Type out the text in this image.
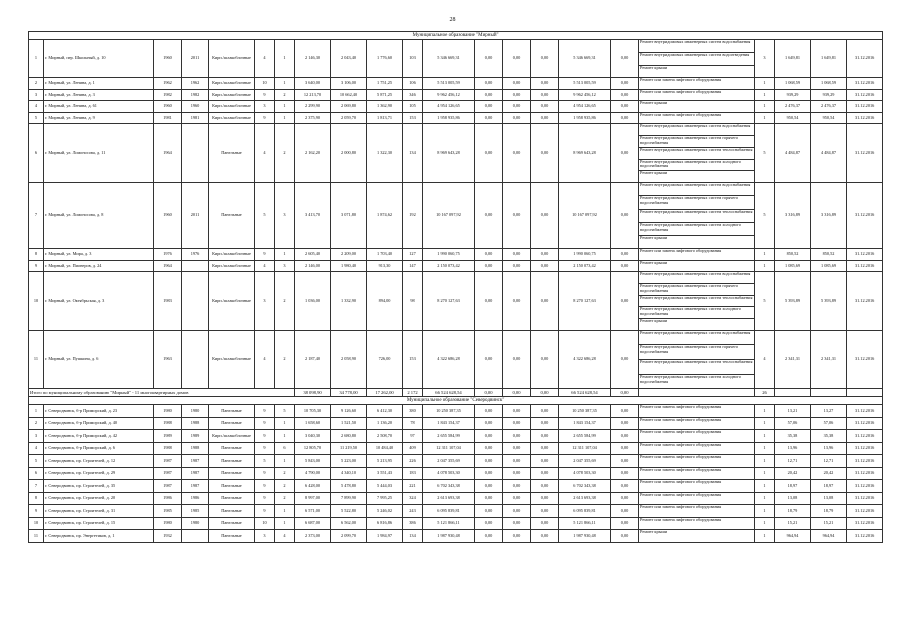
28
Муниципальное образование "Мирный"																					
1	г. Мирный, пер. Школьный, д. 10	1960	2011	Кирп./шлакоблочные	4	1	2 146,30	2 043,40	1 776,60	103	5 346 669,31	0,00	0,00	0,00	5 346 669,31	0,00	Ремонт внутридомовых инженерных систем водоснабжения
Ремонт внутридомовых инженерных систем водоотведения
Ремонт крыши	3	1 649,81	1 649,81	31.12.2016
2	г. Мирный, ул. Ленина, д. 1	1962	1962	Кирп./шлакоблочные	10	1	3 640,00	3 106,00	1 751,25	106	5 513 005,59	0,00	0,00	0,00	5 513 005,59	0,00	Ремонт или замена лифтового оборудования	1	1 068,59	1 068,59	31.12.2016
3	г. Мирный, ул. Ленина, д. 3	1982	1982	Кирп./шлакоблочные	9	2	12 213,70	10 662,40	5 871,25	346	9 962 456,12	0,00	0,00	0,00	9 962 456,12	0,00	Ремонт или замена лифтового оборудования	1	939,29	939,29	31.12.2016
4	г. Мирный, ул. Ленина, д. 61	1960	1960	Кирп./шлакоблочные	3	1	2 299,90	2 069,80	1 362,90	105	4 954 126,65	0,00	0,00	0,00	4 954 126,65	0,00	Ремонт крыши	1	2 476,37	2 476,37	31.12.2016
5	г. Мирный, ул. Ленина, д. 9	1981	1981	Кирп./шлакоблочные	9	1	2 375,90	2 059,70	1 813,71	153	1 958 935,86	0,00	0,00	0,00	1 958 935,86	0,00	Ремонт или замена лифтового оборудования	1	950,54	950,54	31.12.2016
6	г. Мирный, ул. Ломоносова, д. 11	1964		Панельные	4	2	2 162,20	2 000,80	1 322,30	134	8 969 643,28	0,00	0,00	0,00	8 969 643,28	0,00	Ремонт внутридомовых инженерных систем водоснабжения
Ремонт внутридомовых инженерных систем горячего водоснабжения
Ремонт внутридомовых инженерных систем теплоснабжения
Ремонт внутридомовых инженерных систем холодного водоснабжения
Ремонт крыши	5	4 484,87	4 484,87	31.12.2016
7	г. Мирный, ул. Ломоносова, д. 8	1960	2011	Панельные	5	3	3 413,70	3 071,80	1 874,62	192	10 167 097,92	0,00	0,00	0,00	10 167 097,92	0,00	Ремонт внутридомовых инженерных систем водоснабжения
Ремонт внутридомовых инженерных систем горячего водоснабжения
Ремонт внутридомовых инженерных систем теплоснабжения
Ремонт внутридомовых инженерных систем холодного водоснабжения
Ремонт крыши	5	3 316,89	3 316,89	31.12.2016
8	г. Мирный, ул. Мира, д. 3	1976	1976	Кирп./шлакоблочные	9	1	2 605,40	2 209,00	1 703,40	127	1 990 060,75	0,00	0,00	0,00	1 990 060,75	0,00	Ремонт или замена лифтового оборудования	1	850,52	850,52	31.12.2016
9	г. Мирный, ул. Пионеров, д. 24	1964		Кирп./шлакоблочные	4	3	2 146,00	1 980,40	913,30	147	2 150 073,42	0,00	0,00	0,00	2 150 073,42	0,00	Ремонт крыши	1	1 085,69	1 085,69	31.12.2016
10	г. Мирный, ул. Октябрьская, д. 3	1983		Кирп./шлакоблочные	3	2	1 036,00	1 332,90	894,00	98	8 270 127,63	0,00	0,00	0,00	8 270 127,63	0,00	Ремонт внутридомовых инженерных систем водоснабжения
Ремонт внутридомовых инженерных систем горячего водоснабжения
Ремонт внутридомовых инженерных систем теплоснабжения
Ремонт внутридомовых инженерных систем холодного водоснабжения
Ремонт крыши	5	5 393,89	5 393,89	31.12.2016
11	г. Мирный, ул. Пушкина, д. 6	1963		Кирп./шлакоблочные	4	2	2 187,40	2 058,90	726,00	153	4 322 686,28	0,00	0,00	0,00	4 322 686,28	0,00	Ремонт внутридомовых инженерных систем водоснабжения
Ремонт внутридомовых инженерных систем горячего водоснабжения
Ремонт внутридомовых инженерных систем теплоснабжения
Ремонт внутридомовых инженерных систем холодного водоснабжения	4	2 341,31	2 341,31	31.12.2016
Итого по муниципальному образованию "Мирный" - 11 многоквартирных домов							38 098,90	34 778,00	17 262,00	2 172	66 524 628,54	0,00	0,00	0,00	66 524 628,54	0,00		26			
Муниципальное образование "Северодвинск"																					
1	г. Северодвинск, б-р Приморский, д. 23	1980	1980	Панельные	9	5	10 705,30	9 126,60	6 412,30	380	10 250 387,35	0,00	0,00	0,00	10 250 387,35	0,00	Ремонт или замена лифтового оборудования	1	13,21	13,27	31.12.2016
2	г. Северодвинск, б-р Приморский, д. 40	1988	1988	Панельные	9	1	1 658,60	1 521,50	1 136,20	78	1 843 154,37	0,00	0,00	0,00	1 843 154,37	0,00	Ремонт или замена лифтового оборудования	1	57,06	57,06	31.12.2016
3	г. Северодвинск, б-р Приморский, д. 42	1989	1989	Кирп./шлакоблочные	9	1	3 040,30	2 680,80	2 508,70	97	2 655 584,99	0,00	0,00	0,00	2 655 584,99	0,00	Ремонт или замена лифтового оборудования	1	35,38	35,38	31.12.2016
4	г. Северодвинск, б-р Приморский, д. 6	1988	1988	Панельные	9	6	12 805,70	11 219,50	10 484,40	409	12 311 107,04	0,00	0,00	0,00	12 311 107,04	0,00	Ремонт или замена лифтового оборудования	1	13,96	13,96	31.12.2016
5	г. Северодвинск, пр. Строителей, д. 12	1987	1987	Панельные	5	1	5 843,00	5 223,00	5 213,95	226	2 047 355,69	0,00	0,00	0,00	2 047 355,69	0,00	Ремонт или замена лифтового оборудования	1	12,71	12,71	31.12.2016
6	г. Северодвинск, пр. Строителей, д. 29	1987	1987	Панельные	9	2	4 790,00	4 340,10	3 551,43	183	4 078 503,30	0,00	0,00	0,00	4 078 503,30	0,00	Ремонт или замена лифтового оборудования	1	20,42	20,42	31.12.2016
7	г. Северодвинск, пр. Строителей, д. 35	1987	1987	Панельные	9	2	6 428,00	5 478,80	5 444,03	221	6 702 343,38	0,00	0,00	0,00	6 702 343,38	0,00	Ремонт или замена лифтового оборудования	1	18,97	18,97	31.12.2016
8	г. Северодвинск, пр. Строителей, д. 20	1986	1986	Панельные	9	2	8 997,00	7 899,90	7 995,25	324	2 613 693,38	0,00	0,00	0,00	2 613 693,38	0,00	Ремонт или замена лифтового оборудования	1	13,08	13,08	31.12.2016
9	г. Северодвинск, пр. Строителей, д. 31	1985	1985	Панельные	9	1	6 571,00	5 522,80	5 246,02	243	6 095 839,81	0,00	0,00	0,00	6 095 839,81	0,00	Ремонт или замена лифтового оборудования	1	18,79	18,79	31.12.2016
10	г. Северодвинск, пр. Строителей, д. 15	1980	1980	Панельные	10	1	6 687,00	6 562,00	6 816,86	386	5 121 866,11	0,00	0,00	0,00	5 121 866,11	0,00	Ремонт или замена лифтового оборудования	1	15,21	15,21	31.12.2016
11	г. Северодвинск, пр. Энергетиков, д. 1	1932		Панельные	3	4	2 373,00	2 099,70	1 984,97	134	1 987 930,48	0,00	0,00	0,00	1 987 930,48	0,00	Ремонт крыши	1	964,94	964,94	31.12.2016
